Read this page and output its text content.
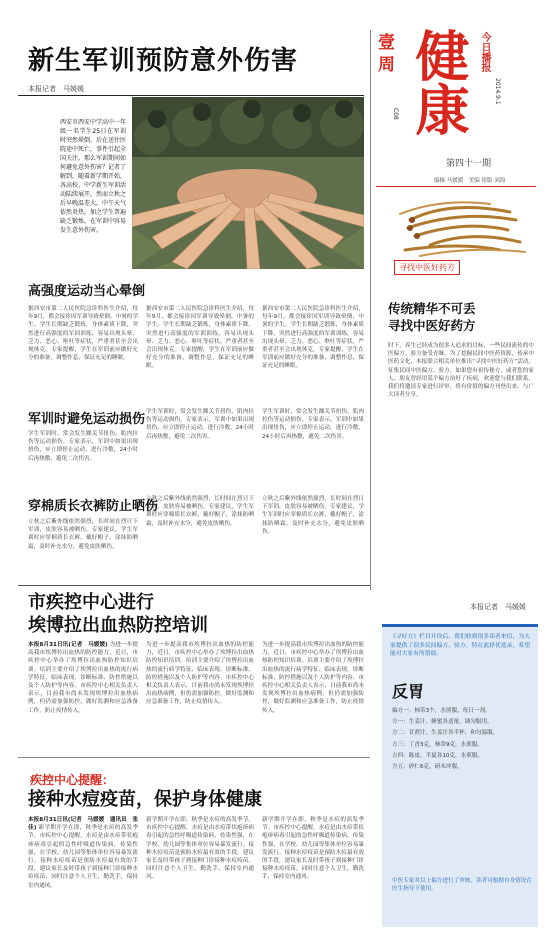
新生军训预防意外伤害
本报记者　马媛媛
西安市西安中学高中一年级一名学生25日在军训时突然晕倒，后在送往医院途中死亡，事件引起全国关注。那么军训期间如何避免意外伤害？记者了解到，随着新学期开始，各高校、中学新生军训活动陆续展开，然而立秋之后早晚温差大，中午天气依然炎热，加之学生普遍缺乏锻炼，在军训中容易发生意外伤害。
高强度运动当心晕倒
据西安市第二人民医院急诊科医生介绍，每年9月，都会接诊因军训导致晕倒、中暑的学生。学生长期缺乏锻炼，身体素质下降，突然进行高强度的军训训练，容易出现头晕、乏力、恶心、呕吐等症状，严重者甚至会出现休克。专家提醒，学生在军训前应做好充分的准备，调整作息，保证充足的睡眠。
据西安市第二人民医院急诊科医生介绍，每年9月，都会接诊因军训导致晕倒、中暑的学生。学生长期缺乏锻炼，身体素质下降，突然进行高强度的军训训练，容易出现头晕、乏力、恶心、呕吐等症状，严重者甚至会出现休克。专家提醒，学生在军训前应做好充分的准备，调整作息，保证充足的睡眠。
据西安市第二人民医院急诊科医生介绍，每年9月，都会接诊因军训导致晕倒、中暑的学生。学生长期缺乏锻炼，身体素质下降，突然进行高强度的军训训练，容易出现头晕、乏力、恶心、呕吐等症状，严重者甚至会出现休克。专家提醒，学生在军训前应做好充分的准备，调整作息，保证充足的睡眠。
军训时避免运动损伤
学生军训时，常会发生踝关节扭伤、肌肉拉伤等运动损伤。专家表示，军训中如果出现扭伤，应立即停止运动，进行冷敷，24小时后再热敷，避免二次伤害。
学生军训时，常会发生踝关节扭伤、肌肉拉伤等运动损伤。专家表示，军训中如果出现扭伤，应立即停止运动，进行冷敷，24小时后再热敷，避免二次伤害。
学生军训时，常会发生踝关节扭伤、肌肉拉伤等运动损伤。专家表示，军训中如果出现扭伤，应立即停止运动，进行冷敷，24小时后再热敷，避免二次伤害。
穿棉质长衣裤防止晒伤
立秋之后紫外线依然强烈，长时间在烈日下军训，皮肤容易被晒伤。专家建议，学生军训时应穿棉质长衣裤，戴好帽子，涂抹防晒霜，及时补充水分，避免皮肤晒伤。
立秋之后紫外线依然强烈，长时间在烈日下军训，皮肤容易被晒伤。专家建议，学生军训时应穿棉质长衣裤，戴好帽子，涂抹防晒霜，及时补充水分，避免皮肤晒伤。
立秋之后紫外线依然强烈，长时间在烈日下军训，皮肤容易被晒伤。专家建议，学生军训时应穿棉质长衣裤，戴好帽子，涂抹防晒霜，及时补充水分，避免皮肤晒伤。
壹周 健康 今日播报
2014.9.1
C08
第四十一期
编辑 马媛媛　美编 组版 刘海
寻找中医好药方
传统精华不可丢
寻找中医好药方
时下，养生已经成为很多人追求的目标，一些民间流传的中医偏方、验方备受青睐。为了挖掘民间中医药资源，传承中医药文化，本报联合相关单位推出“寻找中医好药方”活动，征集民间中医偏方、验方。如果您有祖传秘方，或者您的家人、朋友曾经用某个偏方治好了疾病，欢迎您与我们联系，我们将邀请专家进行评审，将有价值的偏方刊登出来，与广大读者分享。
本报记者　马媛媛
市疾控中心进行
埃博拉出血热防控培训
本报8月31日讯(记者　马媛媛) 为进一步提高我市埃博拉出血热的防控能力，近日，市疾控中心举办了埃博拉出血热防控知识培训。培训主要介绍了埃博拉出血热的流行病学特征、临床表现、诊断标准、防控措施以及个人防护等内容。市疾控中心相关负责人表示，目前我市尚未发现埃博拉出血热病例，但仍需加强防控，做好监测和应急准备工作，防止疫情传入。
为进一步提高我市埃博拉出血热的防控能力，近日，市疾控中心举办了埃博拉出血热防控知识培训。培训主要介绍了埃博拉出血热的流行病学特征、临床表现、诊断标准、防控措施以及个人防护等内容。市疾控中心相关负责人表示，目前我市尚未发现埃博拉出血热病例，但仍需加强防控，做好监测和应急准备工作，防止疫情传入。
为进一步提高我市埃博拉出血热的防控能力，近日，市疾控中心举办了埃博拉出血热防控知识培训。培训主要介绍了埃博拉出血热的流行病学特征、临床表现、诊断标准、防控措施以及个人防护等内容。市疾控中心相关负责人表示，目前我市尚未发现埃博拉出血热病例，但仍需加强防控，做好监测和应急准备工作，防止疫情传入。
疾控中心提醒：
接种水痘疫苗，保护身体健康
本报8月31日讯(记者　马媛媛　通讯员　张佳) 新学期开学在即，秋季是水痘的高发季节。市疾控中心提醒，水痘是由水痘带状疱疹病毒引起的急性呼吸道传染病，传染性强，在学校、幼儿园等集体单位容易暴发流行。接种水痘疫苗是预防水痘最有效的手段，建议家长及时带孩子到接种门诊接种水痘疫苗，同时注意个人卫生，勤洗手，保持室内通风。
新学期开学在即，秋季是水痘的高发季节。市疾控中心提醒，水痘是由水痘带状疱疹病毒引起的急性呼吸道传染病，传染性强，在学校、幼儿园等集体单位容易暴发流行。接种水痘疫苗是预防水痘最有效的手段，建议家长及时带孩子到接种门诊接种水痘疫苗，同时注意个人卫生，勤洗手，保持室内通风。
新学期开学在即，秋季是水痘的高发季节。市疾控中心提醒，水痘是由水痘带状疱疹病毒引起的急性呼吸道传染病，传染性强，在学校、幼儿园等集体单位容易暴发流行。接种水痘疫苗是预防水痘最有效的手段，建议家长及时带孩子到接种门诊接种水痘疫苗，同时注意个人卫生，勤洗手，保持室内通风。
《寻好方》栏目开设后，我们收到很多读者来信，为大家提供了很多民间偏方、验方，特在此择优选录，希望能对大家有所帮助。
反胃
偏方一：柿蒂3个，水煎服，每日一剂。
方一：生姜汁、蜂蜜各适量，调匀服用。
方二：甘蔗汁、生姜汁各半杯，和匀温服。
方三：丁香3克，柿蒂9克，水煎服。
方四：陈皮、半夏各10克，水煎服。
方五：砂仁6克，研末冲服。
中医专家对以上偏方进行了审核，读者可根据自身情况在医生指导下使用。
